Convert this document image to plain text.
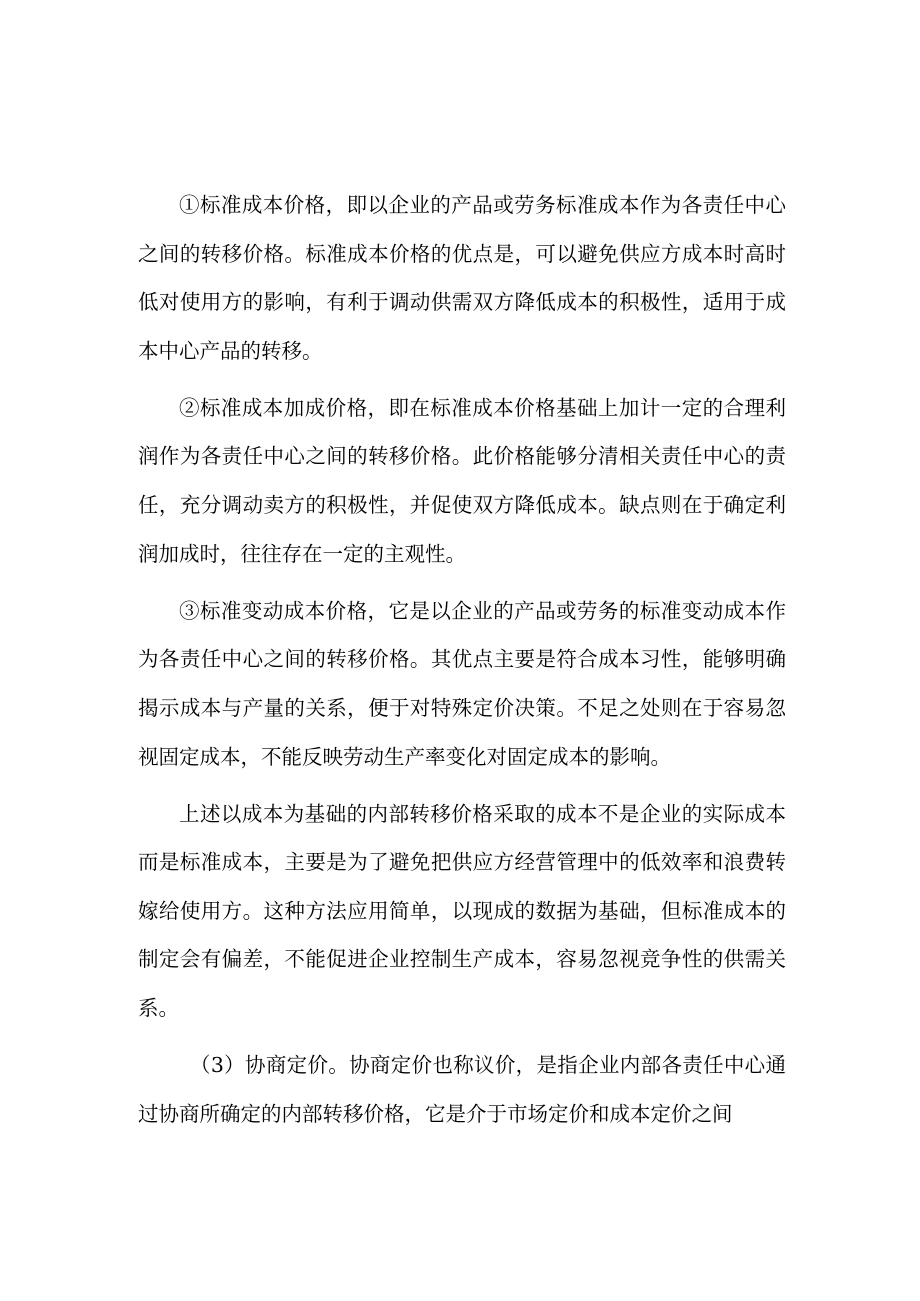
①标准成本价格，即以企业的产品或劳务标准成本作为各责任中心之间的转移价格。标准成本价格的优点是，可以避免供应方成本时高时低对使用方的影响，有利于调动供需双方降低成本的积极性，适用于成本中心产品的转移。

②标准成本加成价格，即在标准成本价格基础上加计一定的合理利润作为各责任中心之间的转移价格。此价格能够分清相关责任中心的责任，充分调动卖方的积极性，并促使双方降低成本。缺点则在于确定利润加成时，往往存在一定的主观性。

③标准变动成本价格，它是以企业的产品或劳务的标准变动成本作为各责任中心之间的转移价格。其优点主要是符合成本习性，能够明确揭示成本与产量的关系，便于对特殊定价决策。不足之处则在于容易忽视固定成本，不能反映劳动生产率变化对固定成本的影响。

上述以成本为基础的内部转移价格采取的成本不是企业的实际成本而是标准成本，主要是为了避免把供应方经营管理中的低效率和浪费转嫁给使用方。这种方法应用简单，以现成的数据为基础，但标准成本的制定会有偏差，不能促进企业控制生产成本，容易忽视竞争性的供需关系。

（3）协商定价。协商定价也称议价，是指企业内部各责任中心通过协商所确定的内部转移价格，它是介于市场定价和成本定价之间
